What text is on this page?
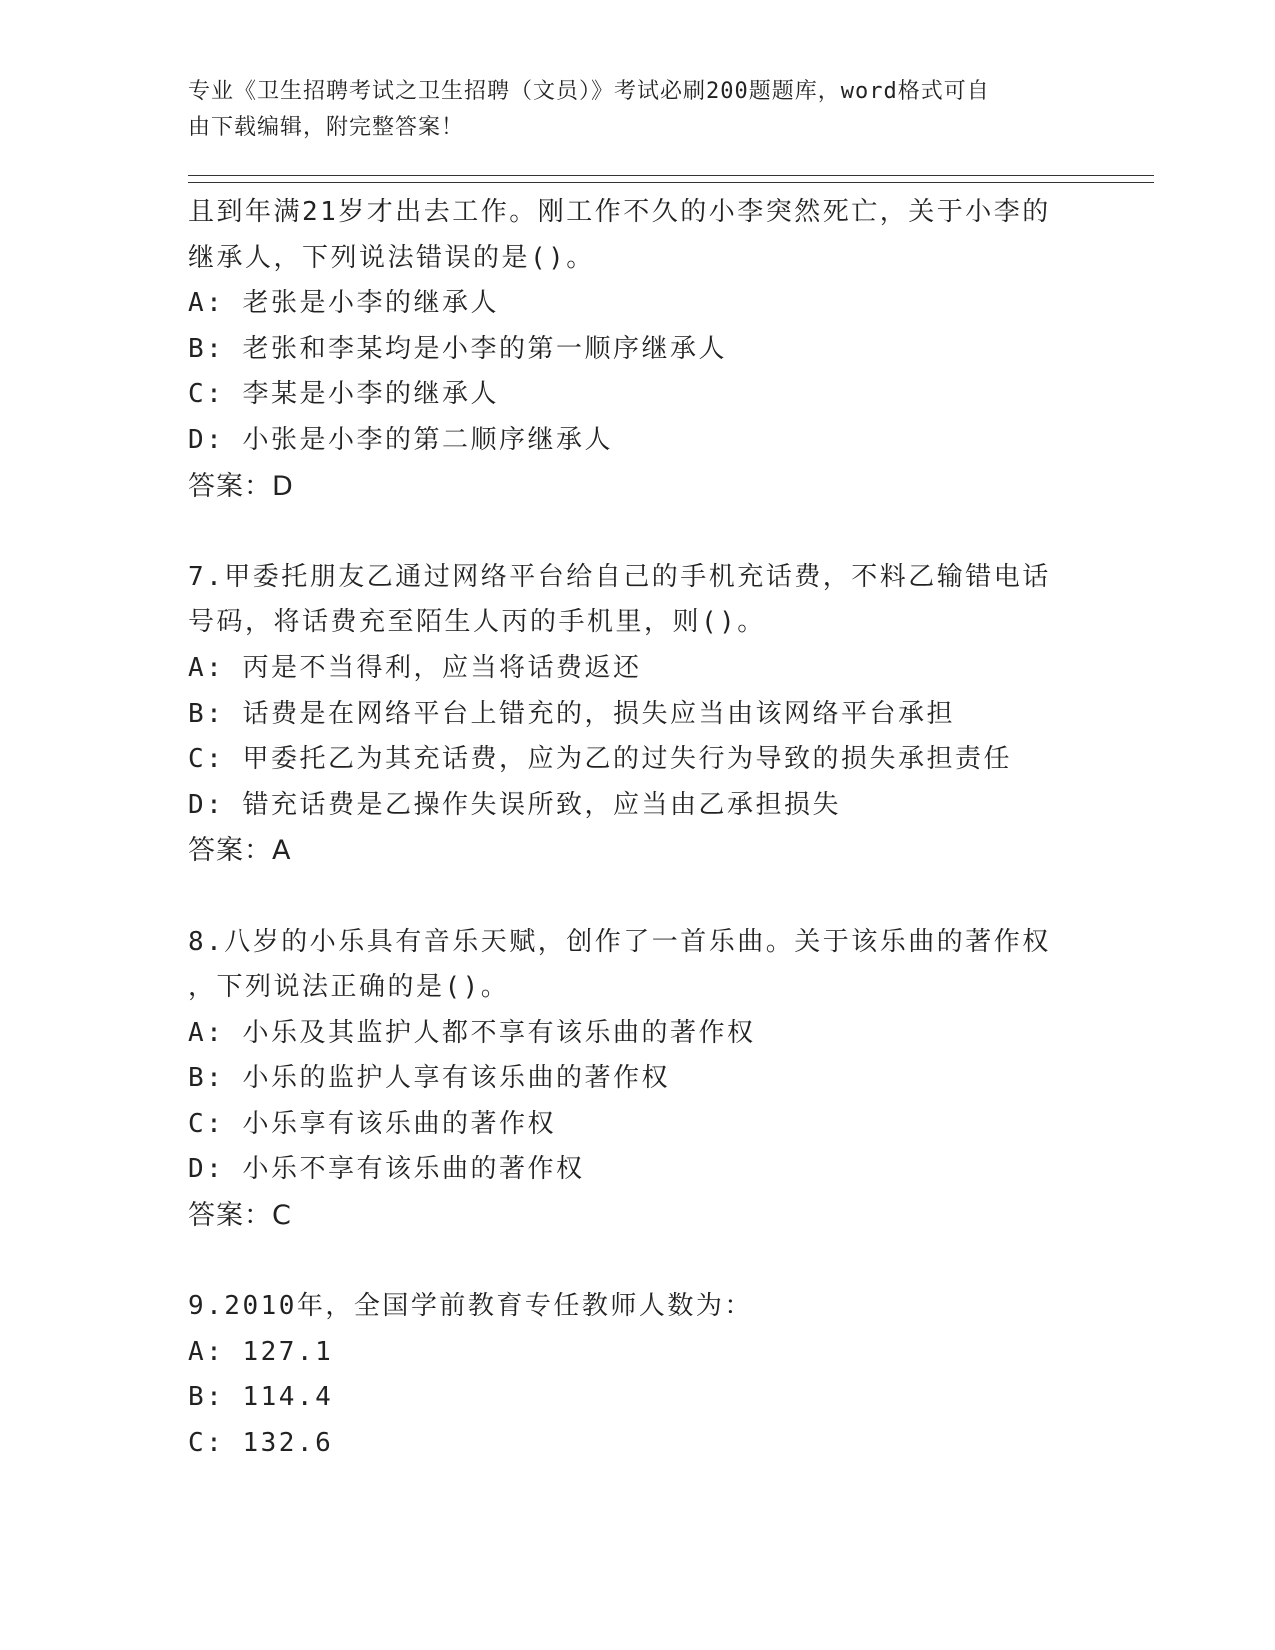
专业《卫生招聘考试之卫生招聘（文员）》考试必刷200题题库，word格式可自
由下载编辑，附完整答案！
且到年满21岁才出去工作。刚工作不久的小李突然死亡，关于小李的
继承人，下列说法错误的是()。
A: 老张是小李的继承人
B: 老张和李某均是小李的第一顺序继承人
C: 李某是小李的继承人
D: 小张是小李的第二顺序继承人
答案：D
7.甲委托朋友乙通过网络平台给自己的手机充话费，不料乙输错电话
号码，将话费充至陌生人丙的手机里，则()。
A: 丙是不当得利，应当将话费返还
B: 话费是在网络平台上错充的，损失应当由该网络平台承担
C: 甲委托乙为其充话费，应为乙的过失行为导致的损失承担责任
D: 错充话费是乙操作失误所致，应当由乙承担损失
答案：A
8.八岁的小乐具有音乐天赋，创作了一首乐曲。关于该乐曲的著作权
，下列说法正确的是()。
A: 小乐及其监护人都不享有该乐曲的著作权
B: 小乐的监护人享有该乐曲的著作权
C: 小乐享有该乐曲的著作权
D: 小乐不享有该乐曲的著作权
答案：C
9.2010年，全国学前教育专任教师人数为：
A: 127.1
B: 114.4
C: 132.6
